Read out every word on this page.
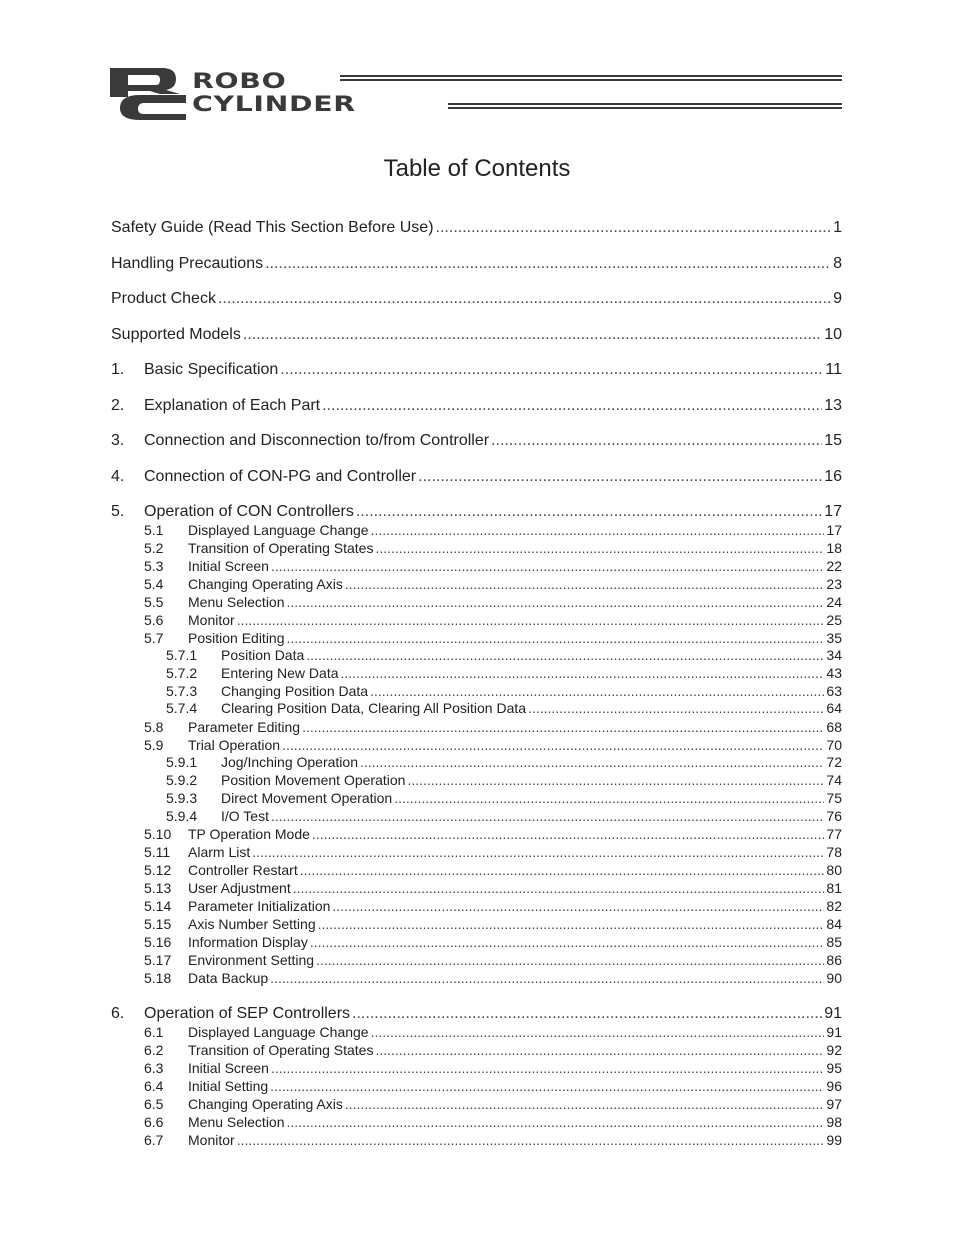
ROBO
CYLINDER
Table of Contents
Safety Guide (Read This Section Before Use) .....	1
Handling Precautions .....	8
Product Check .....	9
Supported Models .....	10
1.	Basic Specification .....	11
2.	Explanation of Each Part .....	13
3.	Connection and Disconnection to/from Controller .....	15
4.	Connection of CON-PG and Controller .....	16
5.	Operation of CON Controllers .....	17
5.1	Displayed Language Change .....	17
5.2	Transition of Operating States .....	18
5.3	Initial Screen .....	22
5.4	Changing Operating Axis .....	23
5.5	Menu Selection .....	24
5.6	Monitor .....	25
5.7	Position Editing .....	35
5.7.1	Position Data .....	34
5.7.2	Entering New Data .....	43
5.7.3	Changing Position Data .....	63
5.7.4	Clearing Position Data, Clearing All Position Data .....	64
5.8	Parameter Editing .....	68
5.9	Trial Operation .....	70
5.9.1	Jog/Inching Operation .....	72
5.9.2	Position Movement Operation .....	74
5.9.3	Direct Movement Operation .....	75
5.9.4	I/O Test .....	76
5.10	TP Operation Mode .....	77
5.11	Alarm List .....	78
5.12	Controller Restart .....	80
5.13	User Adjustment .....	81
5.14	Parameter Initialization .....	82
5.15	Axis Number Setting .....	84
5.16	Information Display .....	85
5.17	Environment Setting .....	86
5.18	Data Backup .....	90
6.	Operation of SEP Controllers .....	91
6.1	Displayed Language Change .....	91
6.2	Transition of Operating States .....	92
6.3	Initial Screen .....	95
6.4	Initial Setting .....	96
6.5	Changing Operating Axis .....	97
6.6	Menu Selection .....	98
6.7	Monitor .....	99
